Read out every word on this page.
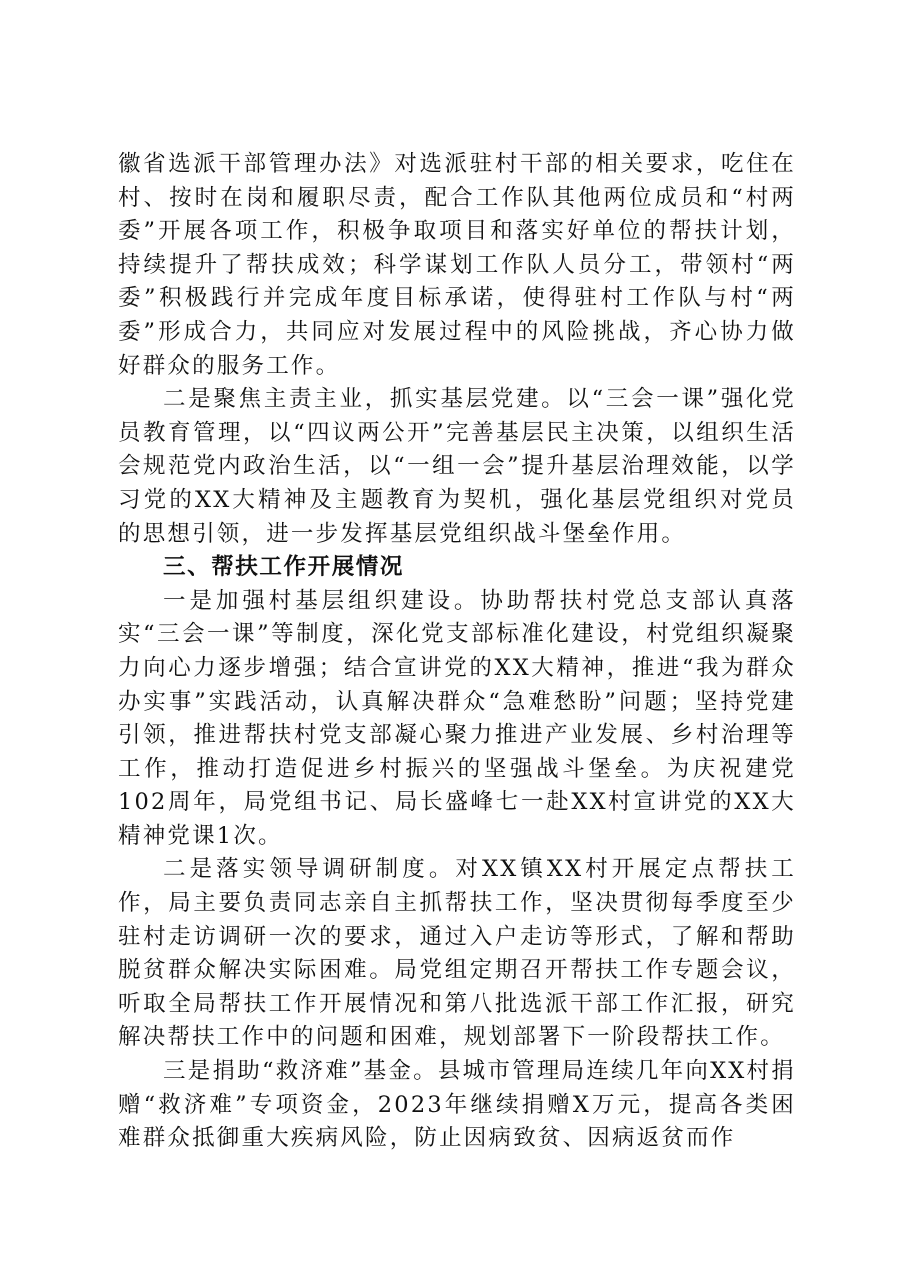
徽省选派干部管理办法》对选派驻村干部的相关要求，吃住在村、按时在岗和履职尽责，配合工作队其他两位成员和“村两委”开展各项工作，积极争取项目和落实好单位的帮扶计划，持续提升了帮扶成效；科学谋划工作队人员分工，带领村“两委”积极践行并完成年度目标承诺，使得驻村工作队与村“两委”形成合力，共同应对发展过程中的风险挑战，齐心协力做好群众的服务工作。

二是聚焦主责主业，抓实基层党建。以“三会一课”强化党员教育管理，以“四议两公开”完善基层民主决策，以组织生活会规范党内政治生活，以“一组一会”提升基层治理效能，以学习党的XX大精神及主题教育为契机，强化基层党组织对党员的思想引领，进一步发挥基层党组织战斗堡垒作用。

三、帮扶工作开展情况

一是加强村基层组织建设。协助帮扶村党总支部认真落实“三会一课”等制度，深化党支部标准化建设，村党组织凝聚力向心力逐步增强；结合宣讲党的XX大精神，推进“我为群众办实事”实践活动，认真解决群众“急难愁盼”问题；坚持党建引领，推进帮扶村党支部凝心聚力推进产业发展、乡村治理等工作，推动打造促进乡村振兴的坚强战斗堡垒。为庆祝建党102周年，局党组书记、局长盛峰七一赴XX村宣讲党的XX大精神党课1次。

二是落实领导调研制度。对XX镇XX村开展定点帮扶工作，局主要负责同志亲自主抓帮扶工作，坚决贯彻每季度至少驻村走访调研一次的要求，通过入户走访等形式，了解和帮助脱贫群众解决实际困难。局党组定期召开帮扶工作专题会议，听取全局帮扶工作开展情况和第八批选派干部工作汇报，研究解决帮扶工作中的问题和困难，规划部署下一阶段帮扶工作。

三是捐助“救济难”基金。县城市管理局连续几年向XX村捐赠“救济难”专项资金，2023年继续捐赠X万元，提高各类困难群众抵御重大疾病风险，防止因病致贫、因病返贫而作
